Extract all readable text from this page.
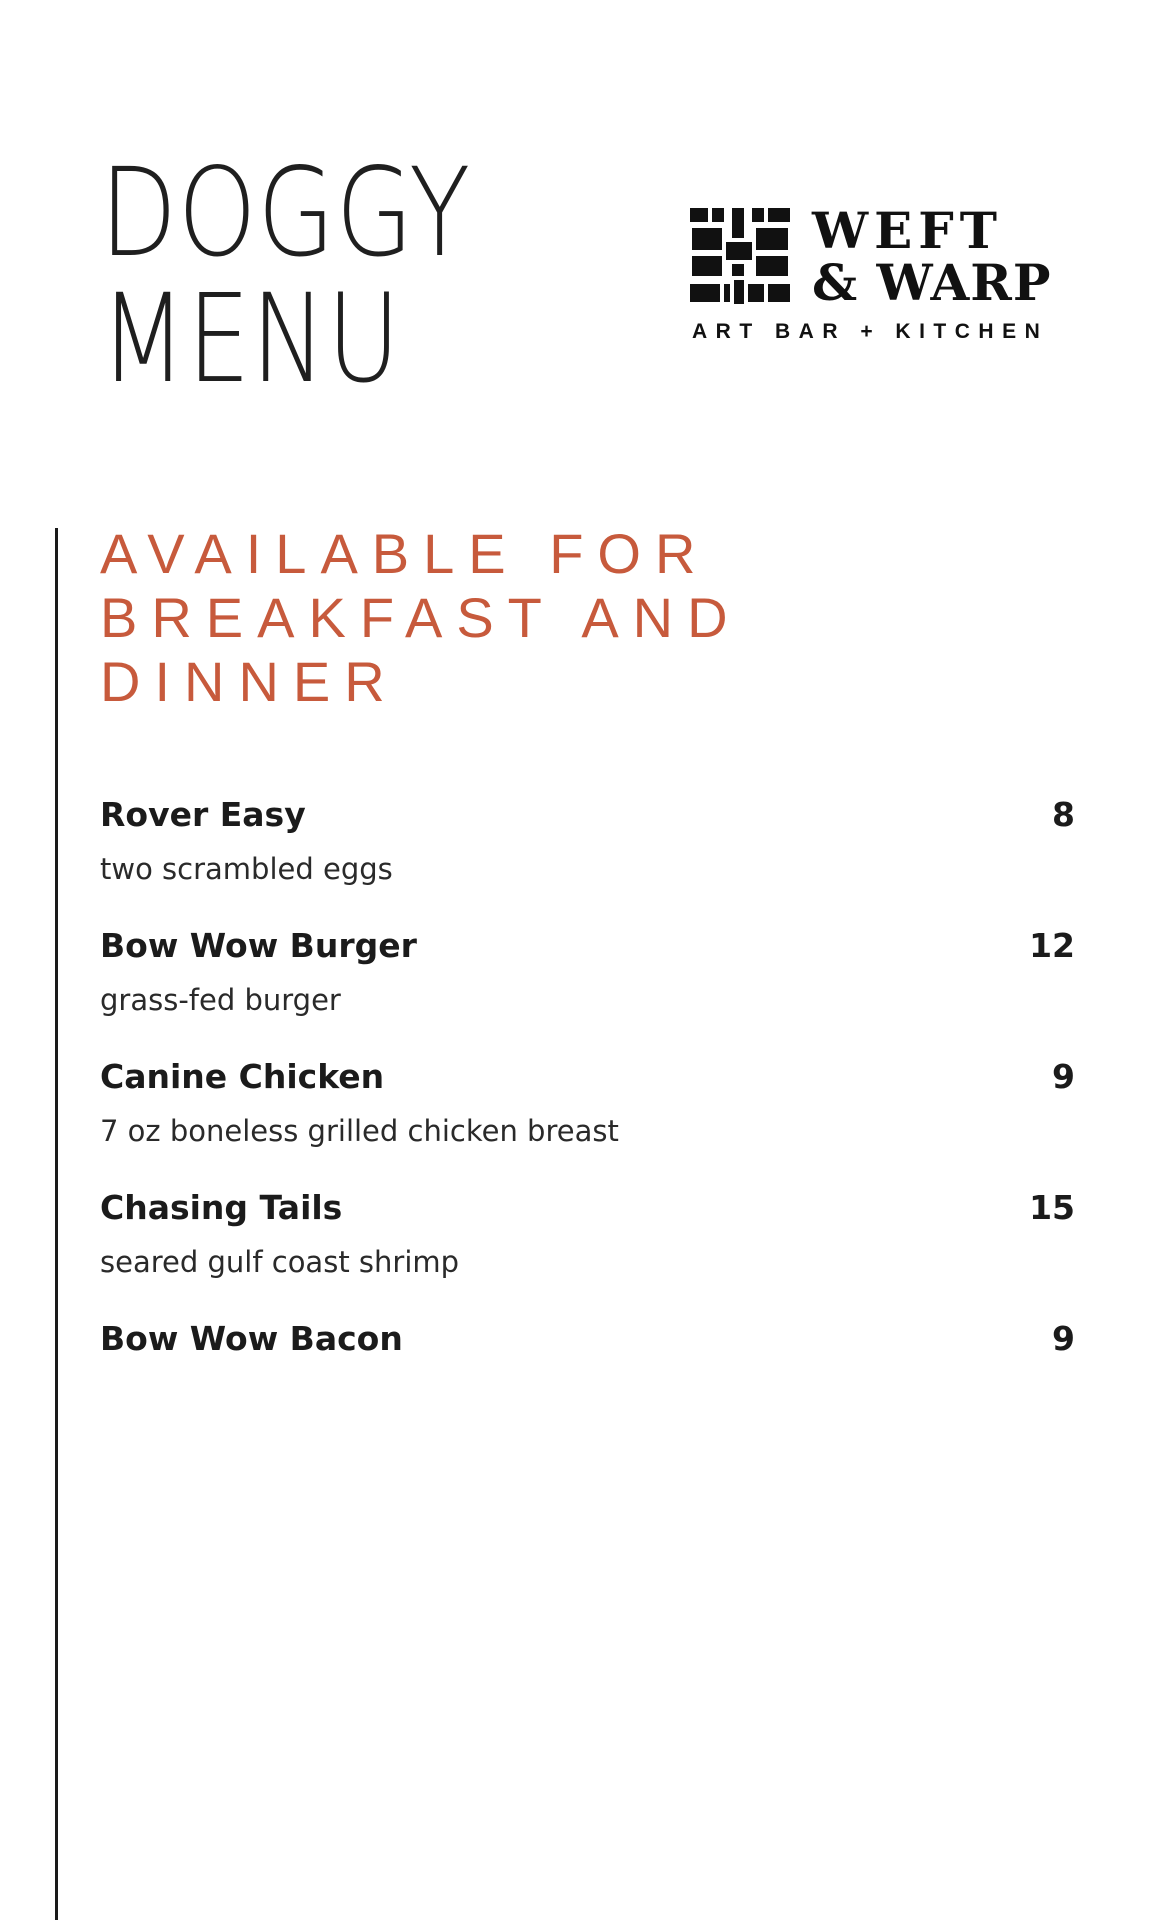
DOGGY
MENU
WEFT
& WARP
ART BAR + KITCHEN
AVAILABLE FOR
BREAKFAST AND
DINNER
Rover Easy	8
two scrambled eggs
Bow Wow Burger	12
grass-fed burger
Canine Chicken	9
7 oz boneless grilled chicken breast
Chasing Tails	15
seared gulf coast shrimp
Bow Wow Bacon	9
